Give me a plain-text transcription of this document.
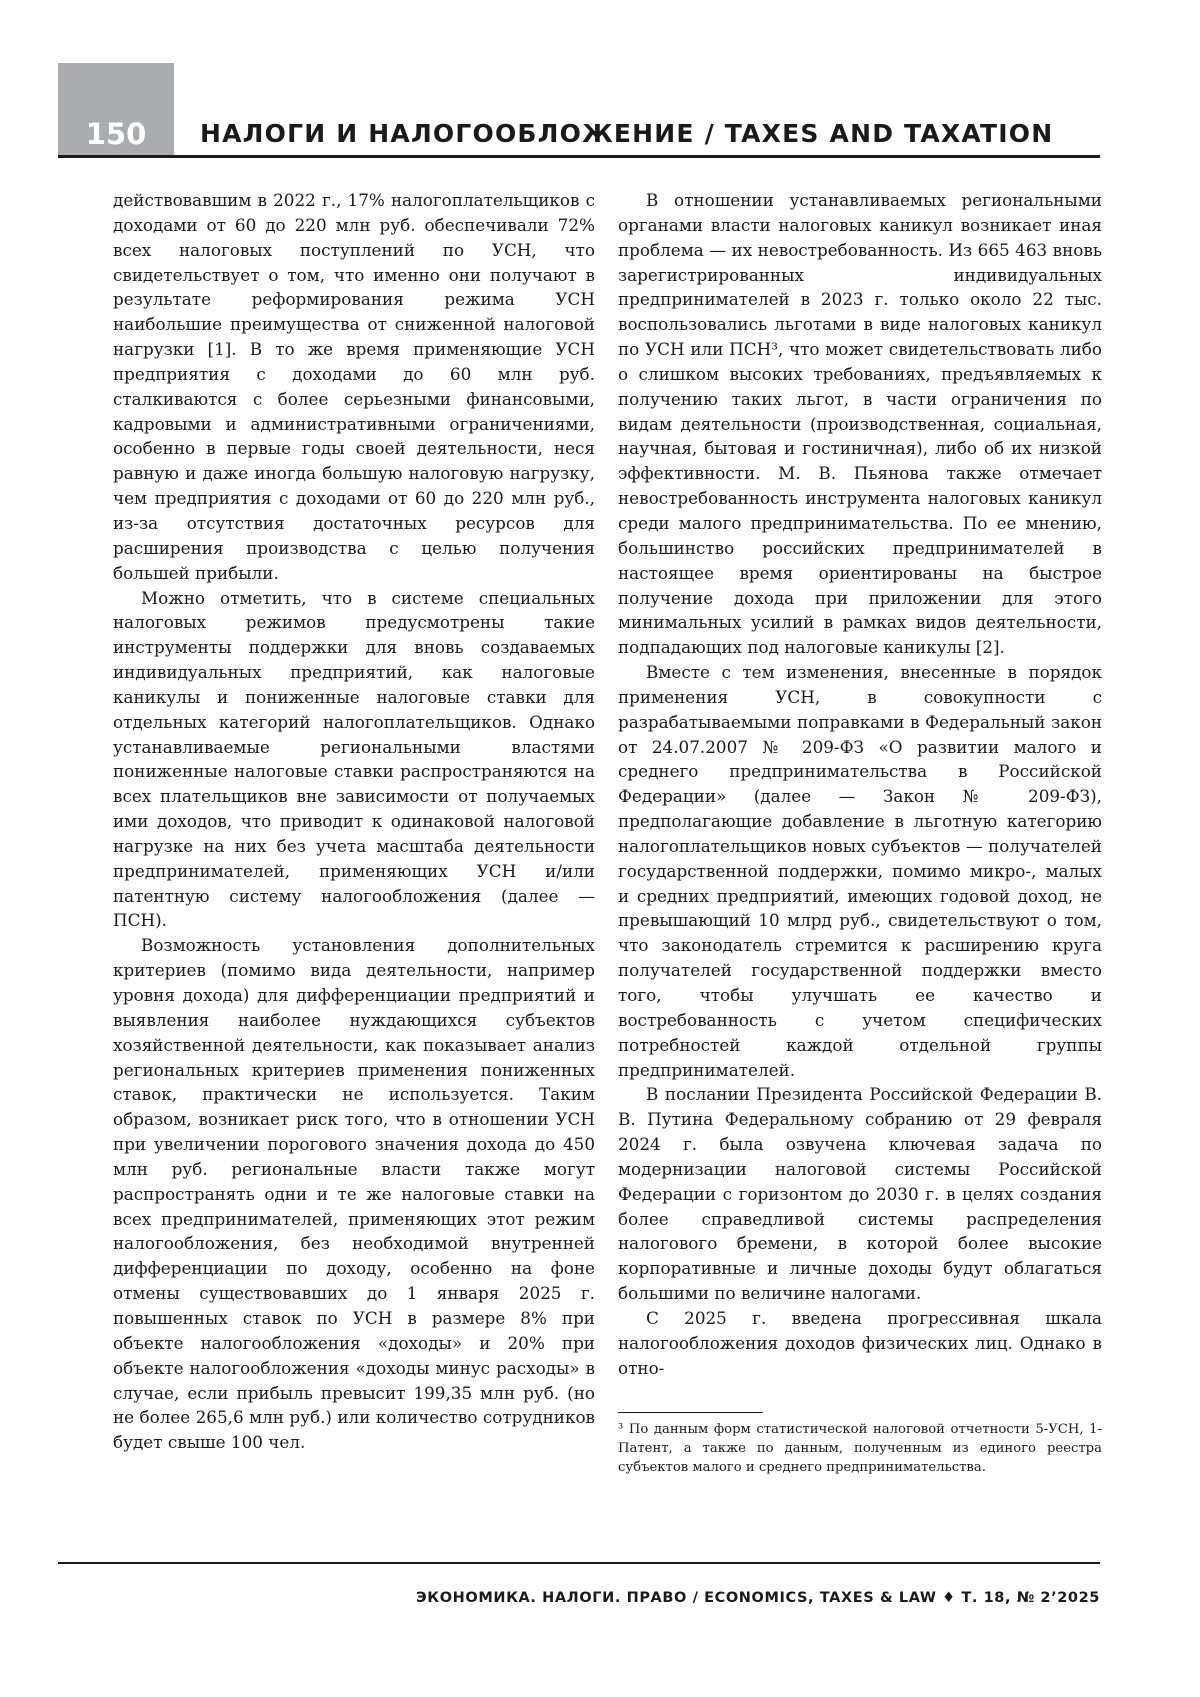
150	НАЛОГИ И НАЛОГООБЛОЖЕНИЕ / TAXES AND TAXATION

действовавшим в 2022 г., 17% налогоплательщиков с доходами от 60 до 220 млн руб. обеспечивали 72% всех налоговых поступлений по УСН, что свидетельствует о том, что именно они получают в результате реформирования режима УСН наибольшие преимущества от сниженной налоговой нагрузки [1]. В то же время применяющие УСН предприятия с доходами до 60 млн руб. сталкиваются с более серьезными финансовыми, кадровыми и административными ограничениями, особенно в первые годы своей деятельности, неся равную и даже иногда большую налоговую нагрузку, чем предприятия с доходами от 60 до 220 млн руб., из-за отсутствия достаточных ресурсов для расширения производства с целью получения большей прибыли.

Можно отметить, что в системе специальных налоговых режимов предусмотрены такие инструменты поддержки для вновь создаваемых индивидуальных предприятий, как налоговые каникулы и пониженные налоговые ставки для отдельных категорий налогоплательщиков. Однако устанавливаемые региональными властями пониженные налоговые ставки распространяются на всех плательщиков вне зависимости от получаемых ими доходов, что приводит к одинаковой налоговой нагрузке на них без учета масштаба деятельности предпринимателей, применяющих УСН и/или патентную систему налогообложения (далее — ПСН).

Возможность установления дополнительных критериев (помимо вида деятельности, например уровня дохода) для дифференциации предприятий и выявления наиболее нуждающихся субъектов хозяйственной деятельности, как показывает анализ региональных критериев применения пониженных ставок, практически не используется. Таким образом, возникает риск того, что в отношении УСН при увеличении порогового значения дохода до 450 млн руб. региональные власти также могут распространять одни и те же налоговые ставки на всех предпринимателей, применяющих этот режим налогообложения, без необходимой внутренней дифференциации по доходу, особенно на фоне отмены существовавших до 1 января 2025 г. повышенных ставок по УСН в размере 8% при объекте налогообложения «доходы» и 20% при объекте налогообложения «доходы минус расходы» в случае, если прибыль превысит 199,35 млн руб. (но не более 265,6 млн руб.) или количество сотрудников будет свыше 100 чел.

В отношении устанавливаемых региональными органами власти налоговых каникул возникает иная проблема — их невостребованность. Из 665 463 вновь зарегистрированных индивидуальных предпринимателей в 2023 г. только около 22 тыс. воспользовались льготами в виде налоговых каникул по УСН или ПСН³, что может свидетельствовать либо о слишком высоких требованиях, предъявляемых к получению таких льгот, в части ограничения по видам деятельности (производственная, социальная, научная, бытовая и гостиничная), либо об их низкой эффективности. М. В. Пьянова также отмечает невостребованность инструмента налоговых каникул среди малого предпринимательства. По ее мнению, большинство российских предпринимателей в настоящее время ориентированы на быстрое получение дохода при приложении для этого минимальных усилий в рамках видов деятельности, подпадающих под налоговые каникулы [2].

Вместе с тем изменения, внесенные в порядок применения УСН, в совокупности с разрабатываемыми поправками в Федеральный закон от 24.07.2007 № 209-ФЗ «О развитии малого и среднего предпринимательства в Российской Федерации» (далее — Закон № 209-ФЗ), предполагающие добавление в льготную категорию налогоплательщиков новых субъектов — получателей государственной поддержки, помимо микро-, малых и средних предприятий, имеющих годовой доход, не превышающий 10 млрд руб., свидетельствуют о том, что законодатель стремится к расширению круга получателей государственной поддержки вместо того, чтобы улучшать ее качество и востребованность с учетом специфических потребностей каждой отдельной группы предпринимателей.

В послании Президента Российской Федерации В. В. Путина Федеральному собранию от 29 февраля 2024 г. была озвучена ключевая задача по модернизации налоговой системы Российской Федерации с горизонтом до 2030 г. в целях создания более справедливой системы распределения налогового бремени, в которой более высокие корпоративные и личные доходы будут облагаться большими по величине налогами.

С 2025 г. введена прогрессивная шкала налогообложения доходов физических лиц. Однако в отно-

³ По данным форм статистической налоговой отчетности 5-УСН, 1-Патент, а также по данным, полученным из единого реестра субъектов малого и среднего предпринимательства.
ЭКОНОМИКА. НАЛОГИ. ПРАВО / ECONOMICS, TAXES & LAW ♦ Т. 18, № 2’2025
